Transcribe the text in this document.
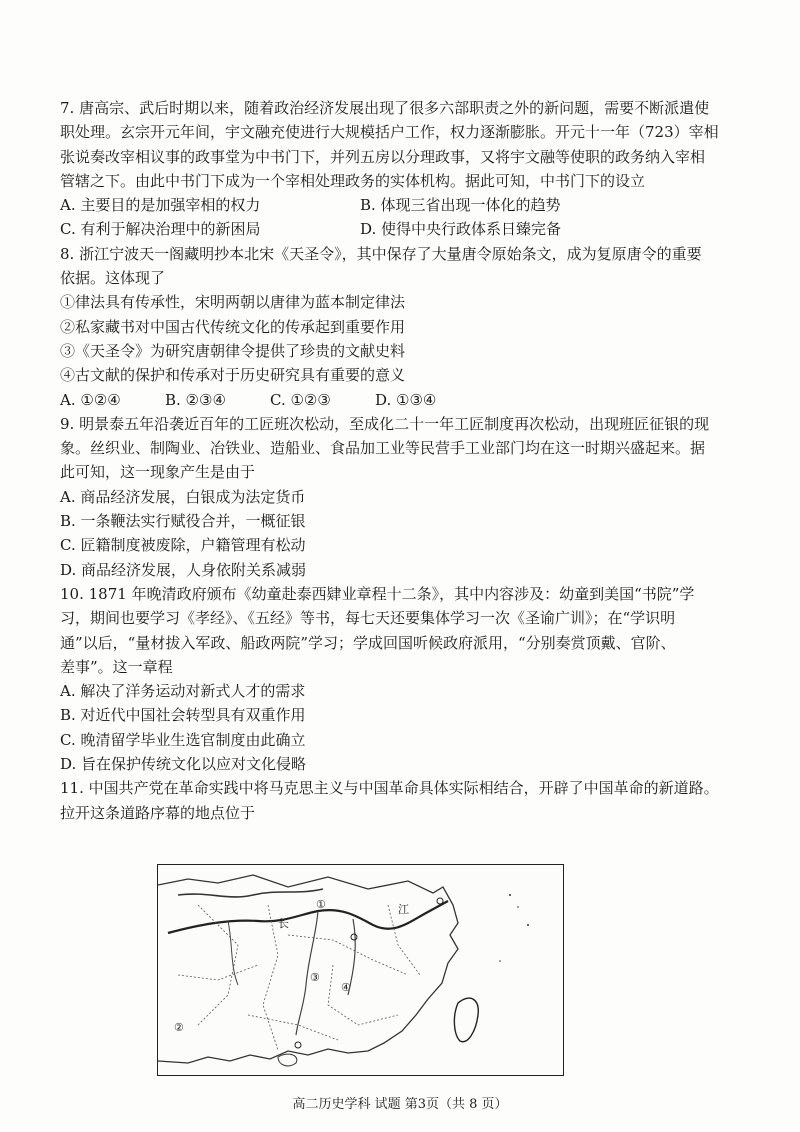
7. 唐高宗、武后时期以来，随着政治经济发展出现了很多六部职责之外的新问题，需要不断派遣使
职处理。玄宗开元年间，宇文融充使进行大规模括户工作，权力逐渐膨胀。开元十一年（723）宰相
张说奏改宰相议事的政事堂为中书门下，并列五房以分理政事，又将宇文融等使职的政务纳入宰相
管辖之下。由此中书门下成为一个宰相处理政务的实体机构。据此可知，中书门下的设立
A. 主要目的是加强宰相的权力	B. 体现三省出现一体化的趋势
C. 有利于解决治理中的新困局	D. 使得中央行政体系日臻完备
8. 浙江宁波天一阁藏明抄本北宋《天圣令》，其中保存了大量唐令原始条文，成为复原唐令的重要
依据。这体现了
①律法具有传承性，宋明两朝以唐律为蓝本制定律法
②私家藏书对中国古代传统文化的传承起到重要作用
③《天圣令》为研究唐朝律令提供了珍贵的文献史料
④古文献的保护和传承对于历史研究具有重要的意义
A. ①②④	B. ②③④	C. ①②③	D. ①③④
9. 明景泰五年沿袭近百年的工匠班次松动，至成化二十一年工匠制度再次松动，出现班匠征银的现
象。丝织业、制陶业、冶铁业、造船业、食品加工业等民营手工业部门均在这一时期兴盛起来。据
此可知，这一现象产生是由于
A. 商品经济发展，白银成为法定货币
B. 一条鞭法实行赋役合并，一概征银
C. 匠籍制度被废除，户籍管理有松动
D. 商品经济发展，人身依附关系减弱
10. 1871 年晚清政府颁布《幼童赴泰西肄业章程十二条》，其中内容涉及：幼童到美国“书院”学
习，期间也要学习《孝经》、《五经》等书，每七天还要集体学习一次《圣谕广训》；在“学识明
通”以后，“量材拔入军政、船政两院”学习；学成回国听候政府派用，“分别奏赏顶戴、官阶、
差事”。这一章程
A. 解决了洋务运动对新式人才的需求
B. 对近代中国社会转型具有双重作用
C. 晚清留学毕业生选官制度由此确立
D. 旨在保护传统文化以应对文化侵略
11. 中国共产党在革命实践中将马克思主义与中国革命具体实际相结合，开辟了中国革命的新道路。
拉开这条道路序幕的地点位于
①
②
③
④
长
江
高二历史学科 试题 第3页（共 8 页）
